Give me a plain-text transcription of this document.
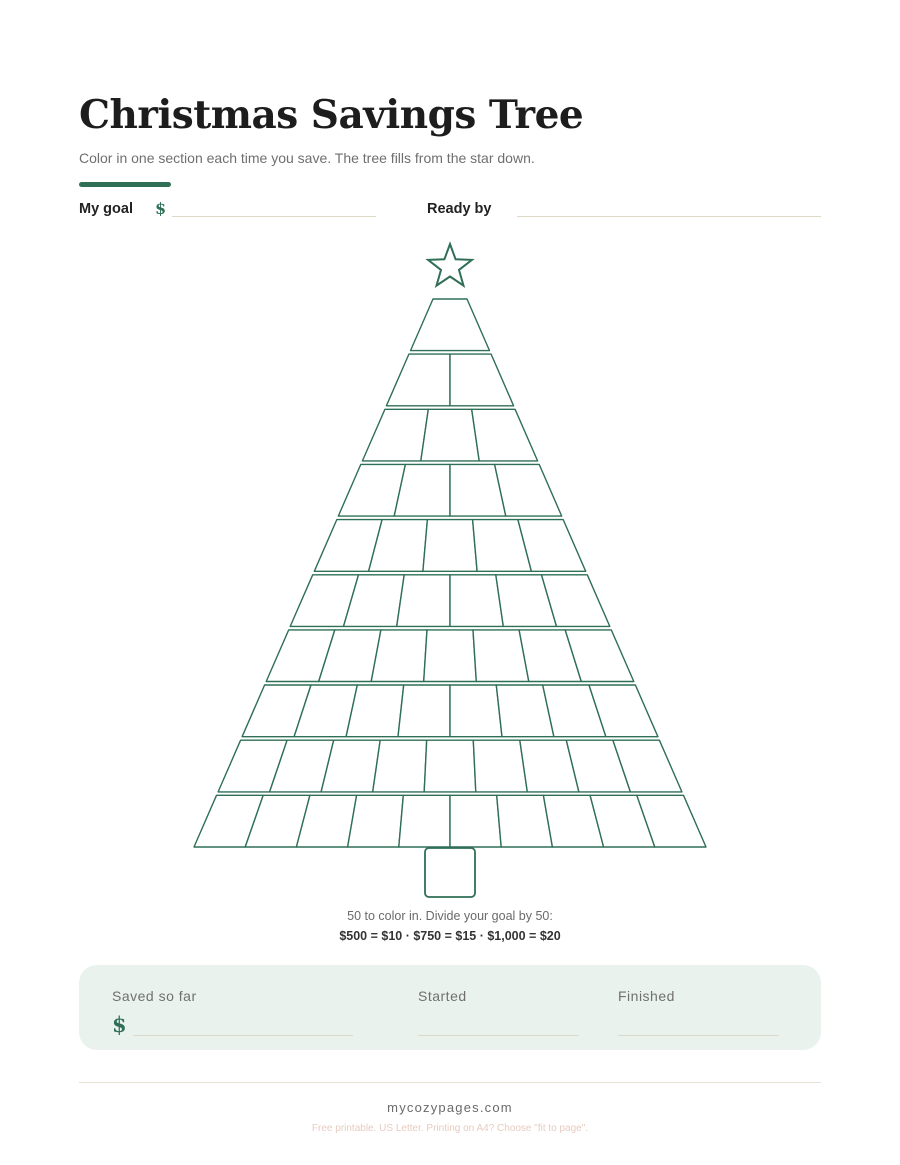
Christmas Savings Tree
Color in one section each time you save. The tree fills from the star down.
My goal $	Ready by
50 to color in. Divide your goal by 50:
$500 = $10 · $750 = $15 · $1,000 = $20
Saved so far
$
Started	Finished
mycozypages.com
Free printable. US Letter. Printing on A4? Choose "fit to page".
